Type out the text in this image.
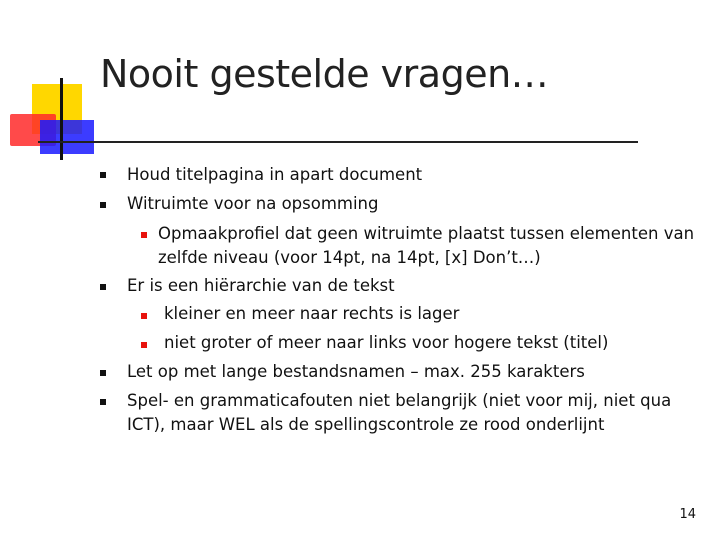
Nooit gestelde vragen…
Houd titelpagina in apart document
Witruimte voor na opsomming
Opmaakprofiel dat geen witruimte plaatst tussen elementen van
zelfde niveau (voor 14pt, na 14pt, [x] Don’t…)
Er is een hiërarchie van de tekst
kleiner en meer naar rechts is lager
niet groter of meer naar links voor hogere tekst (titel)
Let op met lange bestandsnamen – max. 255 karakters
Spel- en grammaticafouten niet belangrijk (niet voor mij, niet qua
ICT), maar WEL als de spellingscontrole ze rood onderlijnt
14
